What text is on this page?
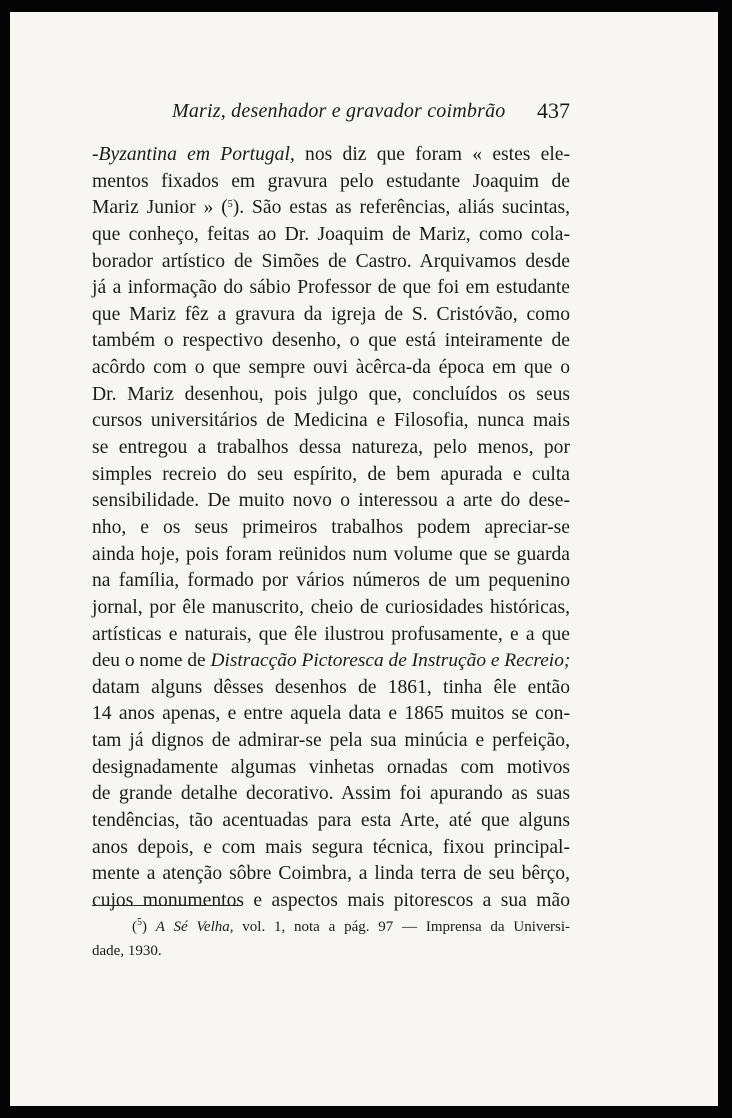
Mariz, desenhador e gravador coimbrão 437
-Byzantina em Portugal, nos diz que foram « estes ele-
mentos fixados em gravura pelo estudante Joaquim de
Mariz Junior » ($^5$). São estas as referências, aliás sucintas,
que conheço, feitas ao Dr. Joaquim de Mariz, como cola-
borador artístico de Simões de Castro. Arquivamos desde
já a informação do sábio Professor de que foi em estudante
que Mariz fêz a gravura da igreja de S. Cristóvão, como
também o respectivo desenho, o que está inteiramente de
acôrdo com o que sempre ouvi àcêrca-da época em que o
Dr. Mariz desenhou, pois julgo que, concluídos os seus
cursos universitários de Medicina e Filosofia, nunca mais
se entregou a trabalhos dessa natureza, pelo menos, por
simples recreio do seu espírito, de bem apurada e culta
sensibilidade. De muito novo o interessou a arte do dese-
nho, e os seus primeiros trabalhos podem apreciar-se
ainda hoje, pois foram reünidos num volume que se guarda
na família, formado por vários números de um pequenino
jornal, por êle manuscrito, cheio de curiosidades históricas,
artísticas e naturais, que êle ilustrou profusamente, e a que
deu o nome de Distracção Pictoresca de Instrução e Recreio;
datam alguns dêsses desenhos de 1861, tinha êle então
14 anos apenas, e entre aquela data e 1865 muitos se con-
tam já dignos de admirar-se pela sua minúcia e perfeição,
designadamente algumas vinhetas ornadas com motivos
de grande detalhe decorativo. Assim foi apurando as suas
tendências, tão acentuadas para esta Arte, até que alguns
anos depois, e com mais segura técnica, fixou principal-
mente a atenção sôbre Coimbra, a linda terra de seu bêrço,
cujos monumentos e aspectos mais pitorescos a sua mão
($^5$) A Sé Velha, vol. 1, nota a pág. 97 — Imprensa da Universi-
dade, 1930.
